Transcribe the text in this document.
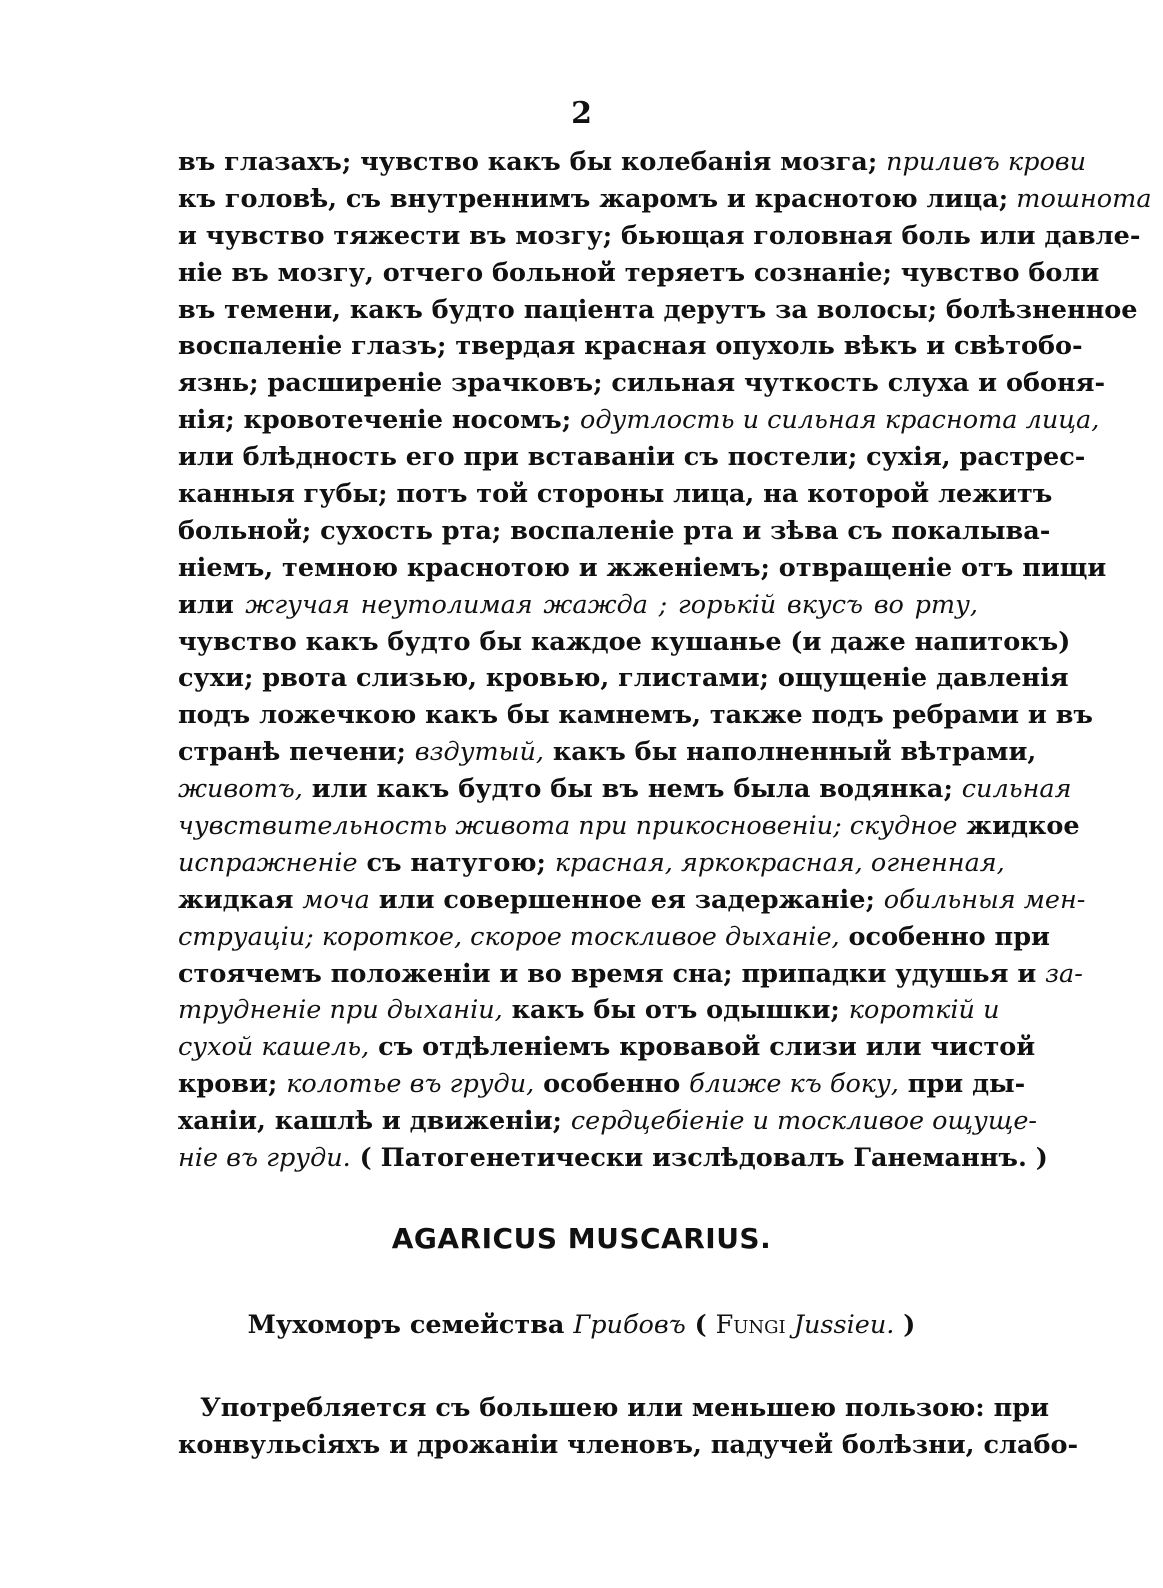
2
въ глазахъ; чувство какъ бы колебанія мозга; приливъ крови
къ головѣ, съ внутреннимъ жаромъ и краснотою лица; тошнота
и чувство тяжести въ мозгу; бьющая головная боль или давле-
ніе въ мозгу, отчего больной теряетъ сознаніе; чувство боли
въ темени, какъ будто паціента дерутъ за волосы; болѣзненное
воспаленіе глазъ; твердая красная опухоль вѣкъ и свѣтобо-
язнь; расширеніе зрачковъ; сильная чуткость слуха и обоня-
нія; кровотеченіе носомъ; одутлость и сильная краснота лица,
или блѣдность его при вставаніи съ постели; сухія, растрес-
канныя губы; потъ той стороны лица, на которой лежитъ
больной; сухость рта; воспаленіе рта и зѣва съ покалыва-
ніемъ, темною краснотою и жженіемъ; отвращеніе отъ пищи
или жгучая неутолимая жажда ; горькій вкусъ во рту,
чувство какъ будто бы каждое кушанье (и даже напитокъ)
сухи; рвота слизью, кровью, глистами; ощущеніе давленія
подъ ложечкою какъ бы камнемъ, также подъ ребрами и въ
странѣ печени; вздутый, какъ бы наполненный вѣтрами,
животъ, или какъ будто бы въ немъ была водянка; сильная
чувствительность живота при прикосновеніи; скудное жидкое
испражненіе съ натугою; красная, яркокрасная, огненная,
жидкая моча или совершенное ея задержаніе; обильныя мен-
струаціи; короткое, скорое тоскливое дыханіе, особенно при
стоячемъ положеніи и во время сна; припадки удушья и за-
трудненіе при дыханіи, какъ бы отъ одышки; короткій и
сухой кашель, съ отдѣленіемъ кровавой слизи или чистой
крови; колотье въ груди, особенно ближе къ боку, при ды-
ханіи, кашлѣ и движеніи; сердцебіеніе и тоскливое ощуще-
ніе въ груди. ( Патогенетически изслѣдовалъ Ганеманнъ. )
AGARICUS MUSCARIUS.
Мухоморъ семейства Грибовъ ( Fungi Jussieu. )
Употребляется съ большею или меньшею пользою: при
конвульсіяхъ и дрожаніи членовъ, падучей болѣзни, слабо-
